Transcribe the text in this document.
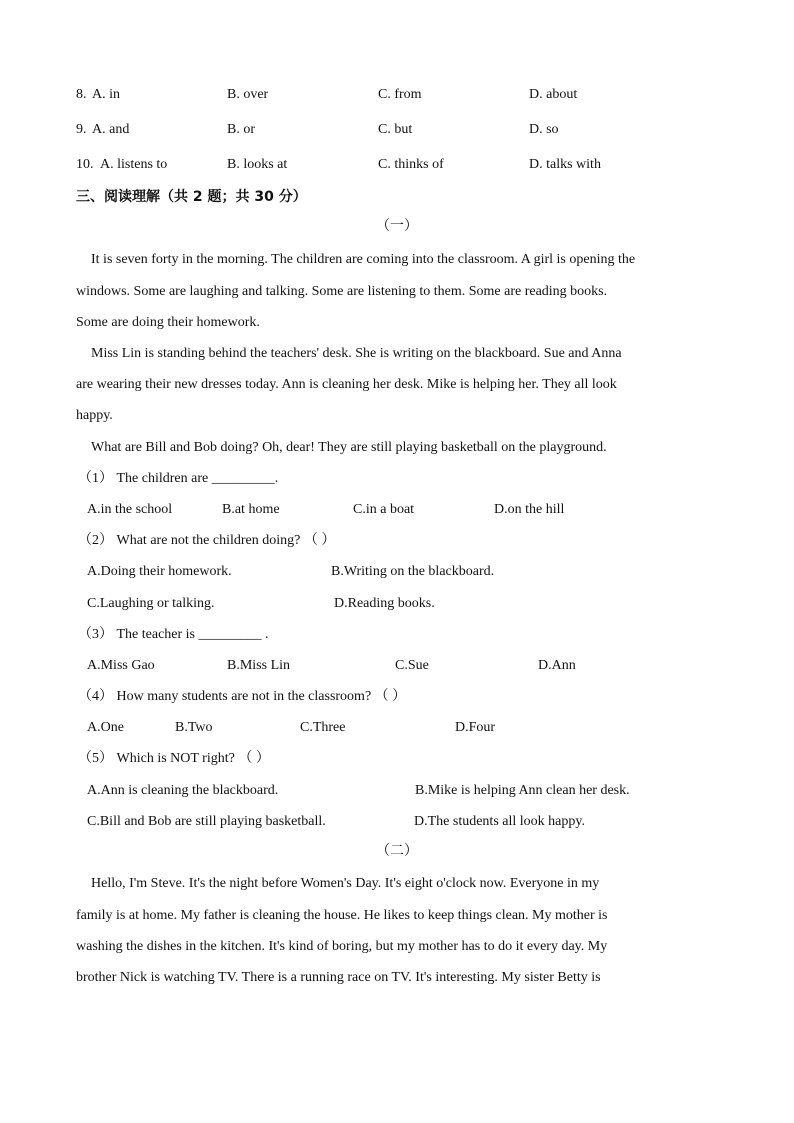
8. A. in	B. over	C. from	D. about
9. A. and	B. or	C. but	D. so
10. A. listens to	B. looks at	C. thinks of	D. talks with
三、阅读理解（共 2 题；共 30 分）
（一）
It is seven forty in the morning. The children are coming into the classroom. A girl is opening the
windows. Some are laughing and talking. Some are listening to them. Some are reading books.
Some are doing their homework.
Miss Lin is standing behind the teachers' desk. She is writing on the blackboard. Sue and Anna
are wearing their new dresses today. Ann is cleaning her desk. Mike is helping her. They all look
happy.
What are Bill and Bob doing? Oh, dear! They are still playing basketball on the playground.
（1） The children are _________.
A.in the school	B.at home	C.in a boat	D.on the hill
（2） What are not the children doing? （ ）
A.Doing their homework.	B.Writing on the blackboard.
C.Laughing or talking.	D.Reading books.
（3） The teacher is _________ .
A.Miss Gao	B.Miss Lin	C.Sue	D.Ann
（4） How many students are not in the classroom? （ ）
A.One	B.Two	C.Three	D.Four
（5） Which is NOT right? （ ）
A.Ann is cleaning the blackboard.	B.Mike is helping Ann clean her desk.
C.Bill and Bob are still playing basketball.	D.The students all look happy.
（二）
Hello, I'm Steve. It's the night before Women's Day. It's eight o'clock now. Everyone in my
family is at home. My father is cleaning the house. He likes to keep things clean. My mother is
washing the dishes in the kitchen. It's kind of boring, but my mother has to do it every day. My
brother Nick is watching TV. There is a running race on TV. It's interesting. My sister Betty is
